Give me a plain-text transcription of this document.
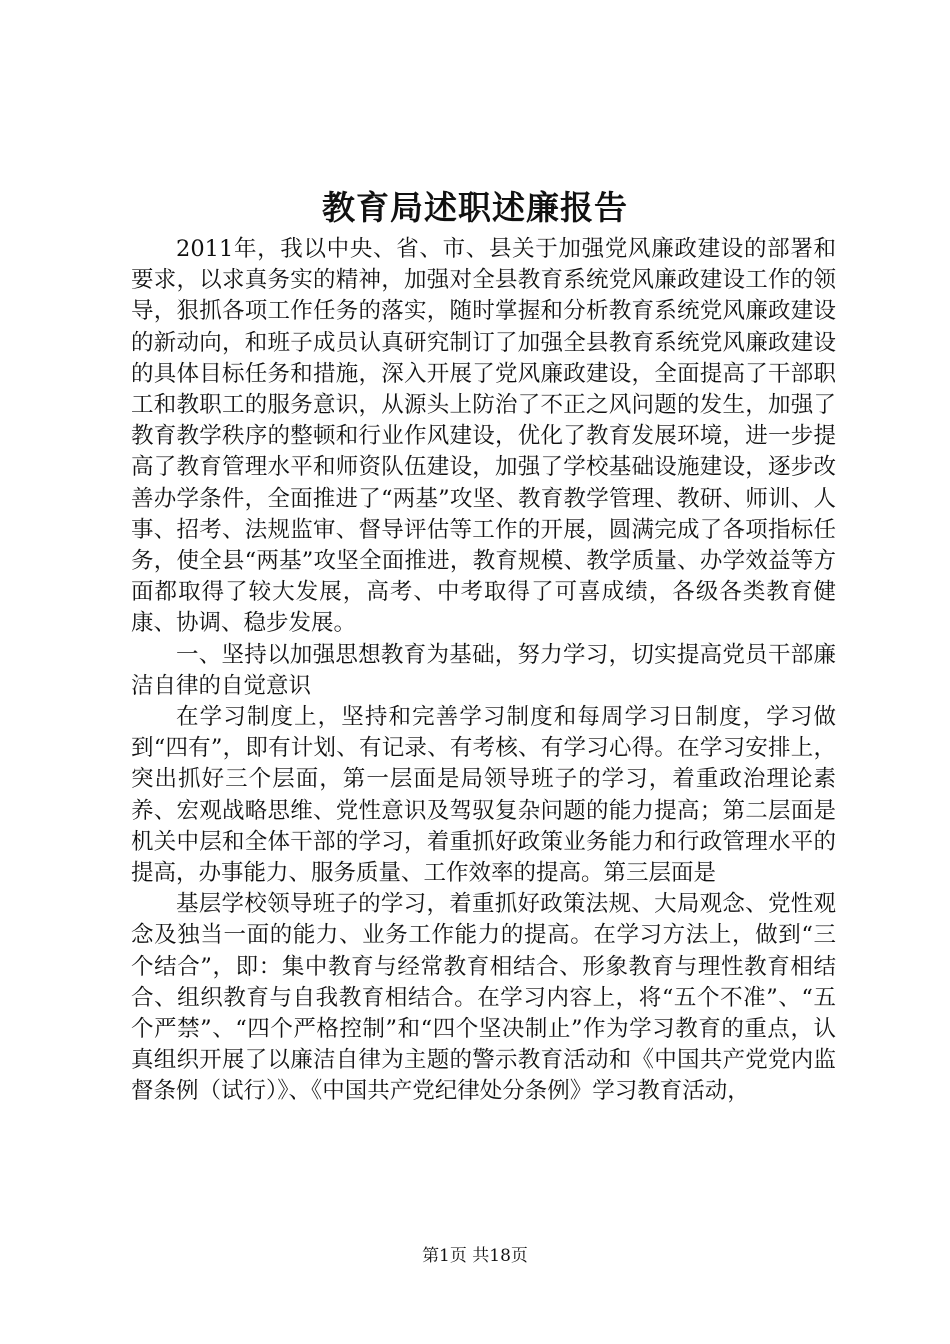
教育局述职述廉报告

2011年，我以中央、省、市、县关于加强党风廉政建设的部署和要求，以求真务实的精神，加强对全县教育系统党风廉政建设工作的领导，狠抓各项工作任务的落实，随时掌握和分析教育系统党风廉政建设的新动向，和班子成员认真研究制订了加强全县教育系统党风廉政建设的具体目标任务和措施，深入开展了党风廉政建设，全面提高了干部职工和教职工的服务意识，从源头上防治了不正之风问题的发生，加强了教育教学秩序的整顿和行业作风建设，优化了教育发展环境，进一步提高了教育管理水平和师资队伍建设，加强了学校基础设施建设，逐步改善办学条件，全面推进了“两基”攻坚、教育教学管理、教研、师训、人事、招考、法规监审、督导评估等工作的开展，圆满完成了各项指标任务，使全县“两基”攻坚全面推进，教育规模、教学质量、办学效益等方面都取得了较大发展，高考、中考取得了可喜成绩，各级各类教育健康、协调、稳步发展。

一、坚持以加强思想教育为基础，努力学习，切实提高党员干部廉洁自律的自觉意识

在学习制度上，坚持和完善学习制度和每周学习日制度，学习做到“四有”，即有计划、有记录、有考核、有学习心得。在学习安排上，突出抓好三个层面，第一层面是局领导班子的学习，着重政治理论素养、宏观战略思维、党性意识及驾驭复杂问题的能力提高；第二层面是机关中层和全体干部的学习，着重抓好政策业务能力和行政管理水平的提高，办事能力、服务质量、工作效率的提高。第三层面是

基层学校领导班子的学习，着重抓好政策法规、大局观念、党性观念及独当一面的能力、业务工作能力的提高。在学习方法上，做到“三个结合”，即：集中教育与经常教育相结合、形象教育与理性教育相结合、组织教育与自我教育相结合。在学习内容上，将“五个不准”、“五个严禁”、“四个严格控制”和“四个坚决制止”作为学习教育的重点，认真组织开展了以廉洁自律为主题的警示教育活动和《中国共产党党内监督条例（试行）》、《中国共产党纪律处分条例》学习教育活动，

第1页 共18页
